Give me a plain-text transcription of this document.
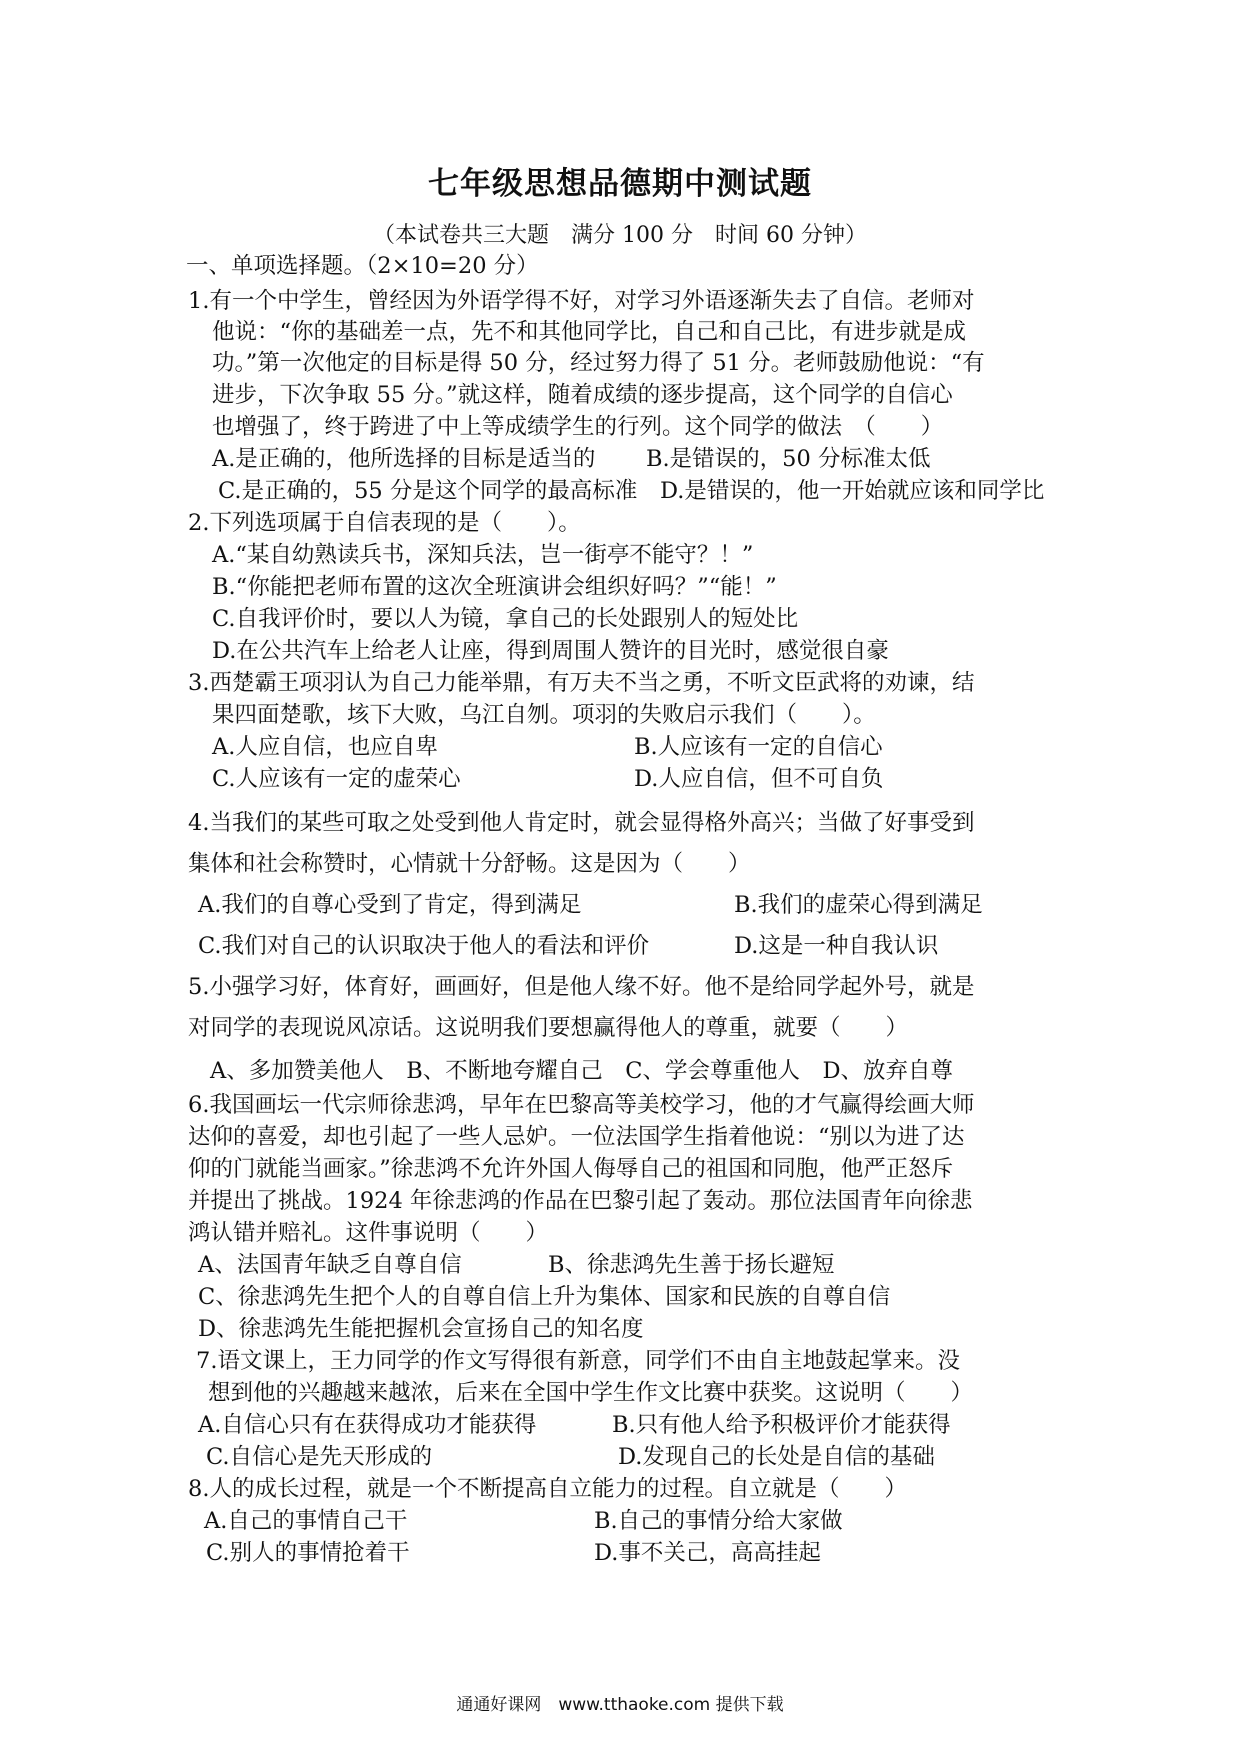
七年级思想品德期中测试题
（本试卷共三大题　满分 100 分　时间 60 分钟）
一、单项选择题。（2×10=20 分）
1.有一个中学生，曾经因为外语学得不好，对学习外语逐渐失去了自信。老师对
他说：“你的基础差一点，先不和其他同学比，自己和自己比，有进步就是成
功。”第一次他定的目标是得 50 分，经过努力得了 51 分。老师鼓励他说：“有
进步，下次争取 55 分。”就这样，随着成绩的逐步提高，这个同学的自信心
也增强了，终于跨进了中上等成绩学生的行列。这个同学的做法　（　　）
A.是正确的，他所选择的目标是适当的 B.是错误的，50 分标准太低
C.是正确的，55 分是这个同学的最高标准 D.是错误的，他一开始就应该和同学比
2.下列选项属于自信表现的是（　　）。
A.“某自幼熟读兵书，深知兵法，岂一街亭不能守？！”
B.“你能把老师布置的这次全班演讲会组织好吗？”“能！”
C.自我评价时，要以人为镜，拿自己的长处跟别人的短处比
D.在公共汽车上给老人让座，得到周围人赞许的目光时，感觉很自豪
3.西楚霸王项羽认为自己力能举鼎，有万夫不当之勇，不听文臣武将的劝谏，结
果四面楚歌，垓下大败，乌江自刎。项羽的失败启示我们（　　）。
A.人应自信，也应自卑	B.人应该有一定的自信心
C.人应该有一定的虚荣心	D.人应自信，但不可自负
4.当我们的某些可取之处受到他人肯定时，就会显得格外高兴；当做了好事受到
集体和社会称赞时，心情就十分舒畅。这是因为（　　）
A.我们的自尊心受到了肯定，得到满足	B.我们的虚荣心得到满足
C.我们对自己的认识取决于他人的看法和评价	D.这是一种自我认识
5.小强学习好，体育好，画画好，但是他人缘不好。他不是给同学起外号，就是
对同学的表现说风凉话。这说明我们要想赢得他人的尊重，就要（　　）
A、多加赞美他人　B、不断地夸耀自己　C、学会尊重他人　D、放弃自尊
6.我国画坛一代宗师徐悲鸿，早年在巴黎高等美校学习，他的才气赢得绘画大师
达仰的喜爱，却也引起了一些人忌妒。一位法国学生指着他说：“别以为进了达
仰的门就能当画家。”徐悲鸿不允许外国人侮辱自己的祖国和同胞，他严正怒斥
并提出了挑战。1924 年徐悲鸿的作品在巴黎引起了轰动。那位法国青年向徐悲
鸿认错并赔礼。这件事说明（　　）
A、法国青年缺乏自尊自信	B、徐悲鸿先生善于扬长避短
C、徐悲鸿先生把个人的自尊自信上升为集体、国家和民族的自尊自信
D、徐悲鸿先生能把握机会宣扬自己的知名度
7.语文课上，王力同学的作文写得很有新意，同学们不由自主地鼓起掌来。没
想到他的兴趣越来越浓，后来在全国中学生作文比赛中获奖。这说明（　　）
A.自信心只有在获得成功才能获得	B.只有他人给予积极评价才能获得
C.自信心是先天形成的	D.发现自己的长处是自信的基础
8.人的成长过程，就是一个不断提高自立能力的过程。自立就是（　　）
A.自己的事情自己干	B.自己的事情分给大家做
C.别人的事情抢着干	D.事不关己，高高挂起
通通好课网　www.tthaoke.com 提供下载
